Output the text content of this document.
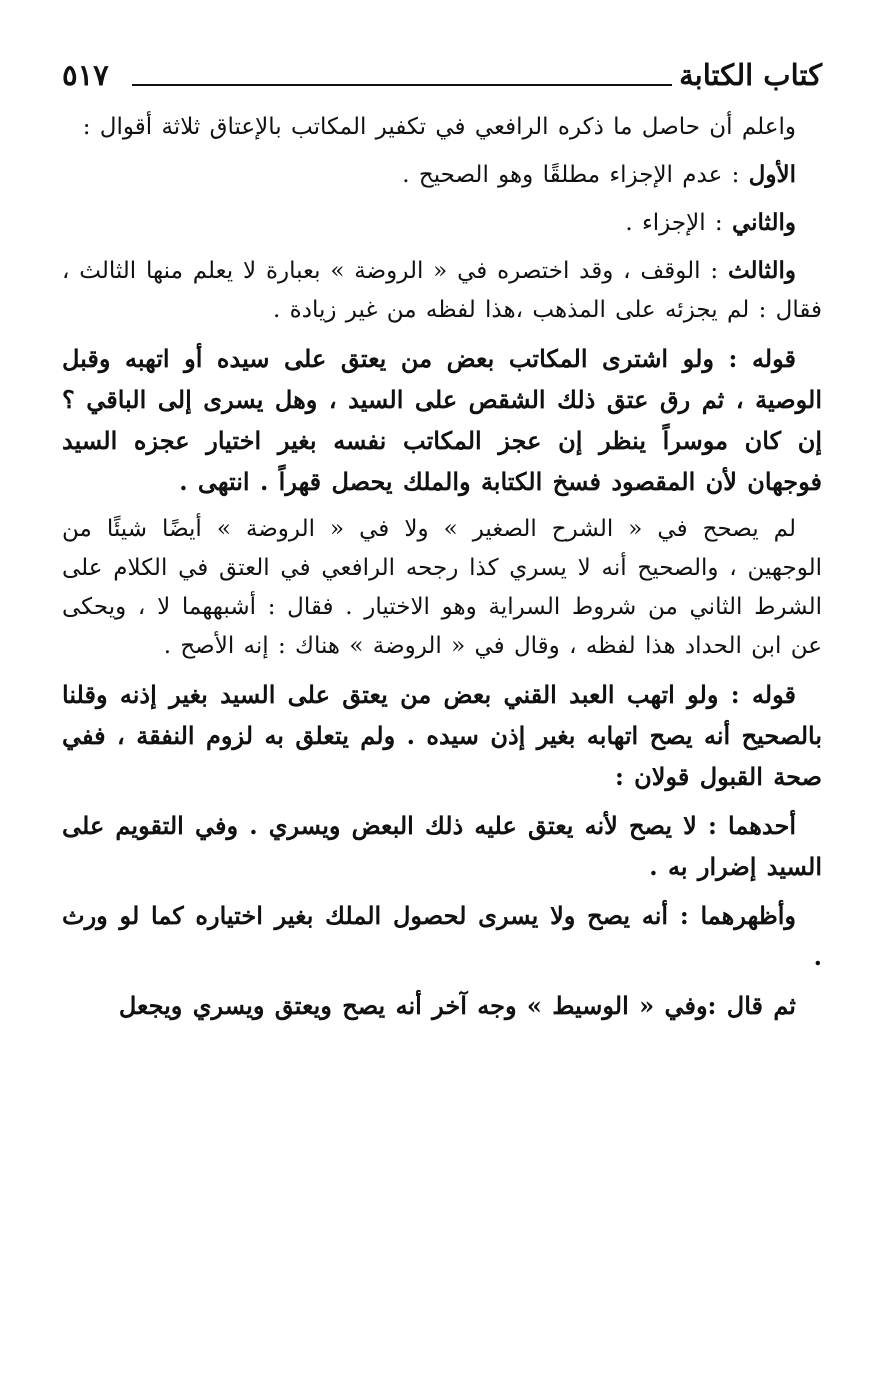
كتاب الكتابة
٥١٧

واعلم أن حاصل ما ذكره الرافعي في تكفير المكاتب بالإعتاق ثلاثة أقوال :

الأول : عدم الإجزاء مطلقًا وهو الصحيح .

والثاني : الإجزاء .

والثالث : الوقف ، وقد اختصره في « الروضة » بعبارة لا يعلم منها الثالث ، فقال : لم يجزئه على المذهب ،هذا لفظه من غير زيادة .

قوله : ولو اشترى المكاتب بعض من يعتق على سيده أو اتهبه وقبل الوصية ، ثم رق عتق ذلك الشقص على السيد ، وهل يسرى إلى الباقي ؟ إن كان موسراً ينظر إن عجز المكاتب نفسه بغير اختيار عجزه السيد فوجهان لأن المقصود فسخ الكتابة والملك يحصل قهراً . انتهى .

لم يصحح في « الشرح الصغير » ولا في « الروضة » أيضًا شيئًا من الوجهين ، والصحيح أنه لا يسري كذا رجحه الرافعي في العتق في الكلام على الشرط الثاني من شروط السراية وهو الاختيار . فقال : أشبههما لا ، ويحكى عن ابن الحداد هذا لفظه ، وقال في « الروضة » هناك : إنه الأصح .

قوله : ولو اتهب العبد القني بعض من يعتق على السيد بغير إذنه وقلنا بالصحيح أنه يصح اتهابه بغير إذن سيده . ولم يتعلق به لزوم النفقة ، ففي صحة القبول قولان :

أحدهما : لا يصح لأنه يعتق عليه ذلك البعض ويسري . وفي التقويم على السيد إضرار به .

وأظهرهما : أنه يصح ولا يسرى لحصول الملك بغير اختياره كما لو ورث .

ثم قال :وفي « الوسيط » وجه آخر أنه يصح ويعتق ويسري ويجعل
